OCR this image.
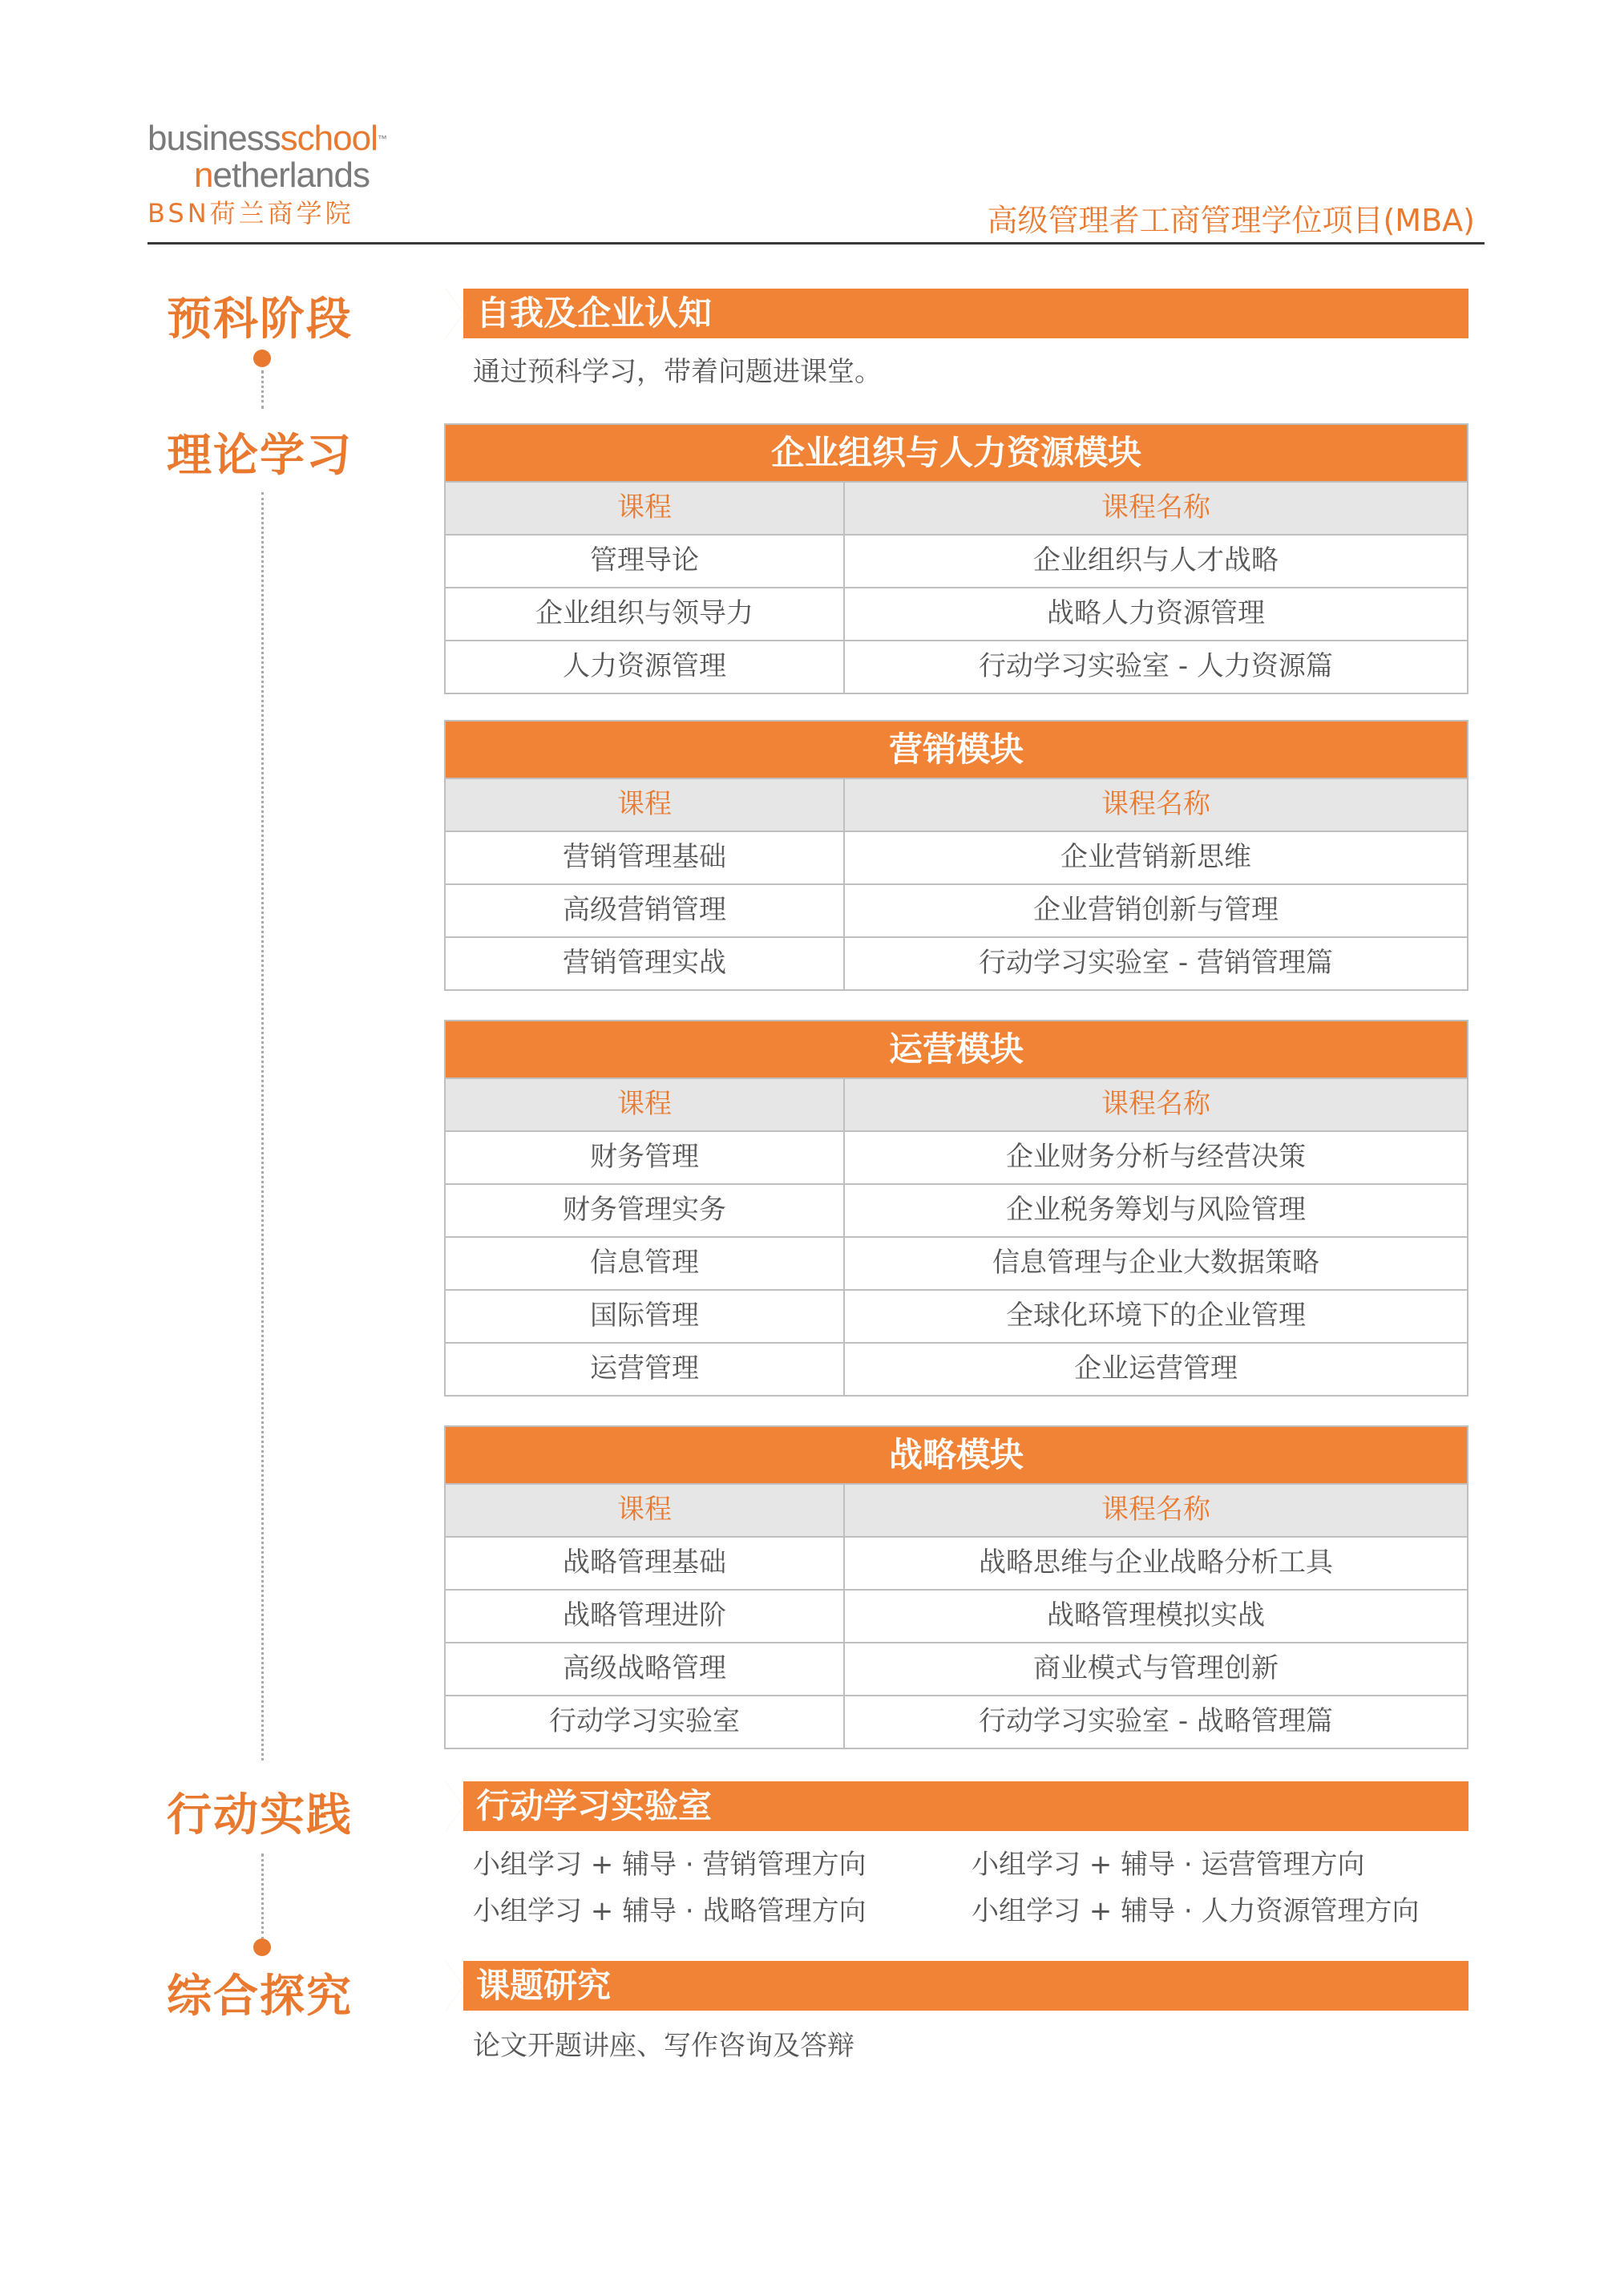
businessschool™
netherlands
BSN荷兰商学院	高级管理者工商管理学位项目(MBA)
预科阶段
理论学习
行动实践
综合探究
自我及企业认知
通过预科学习，带着问题进课堂。
企业组织与人力资源模块
课程	课程名称
管理导论	企业组织与人才战略
企业组织与领导力	战略人力资源管理
人力资源管理	行动学习实验室 - 人力资源篇
营销模块
课程	课程名称
营销管理基础	企业营销新思维
高级营销管理	企业营销创新与管理
营销管理实战	行动学习实验室 - 营销管理篇
运营模块
课程	课程名称
财务管理	企业财务分析与经营决策
财务管理实务	企业税务筹划与风险管理
信息管理	信息管理与企业大数据策略
国际管理	全球化环境下的企业管理
运营管理	企业运营管理
战略模块
课程	课程名称
战略管理基础	战略思维与企业战略分析工具
战略管理进阶	战略管理模拟实战
高级战略管理	商业模式与管理创新
行动学习实验室	行动学习实验室 - 战略管理篇
行动学习实验室
小组学习 + 辅导 · 营销管理方向	小组学习 + 辅导 · 运营管理方向
小组学习 + 辅导 · 战略管理方向	小组学习 + 辅导 · 人力资源管理方向
课题研究
论文开题讲座、写作咨询及答辩
